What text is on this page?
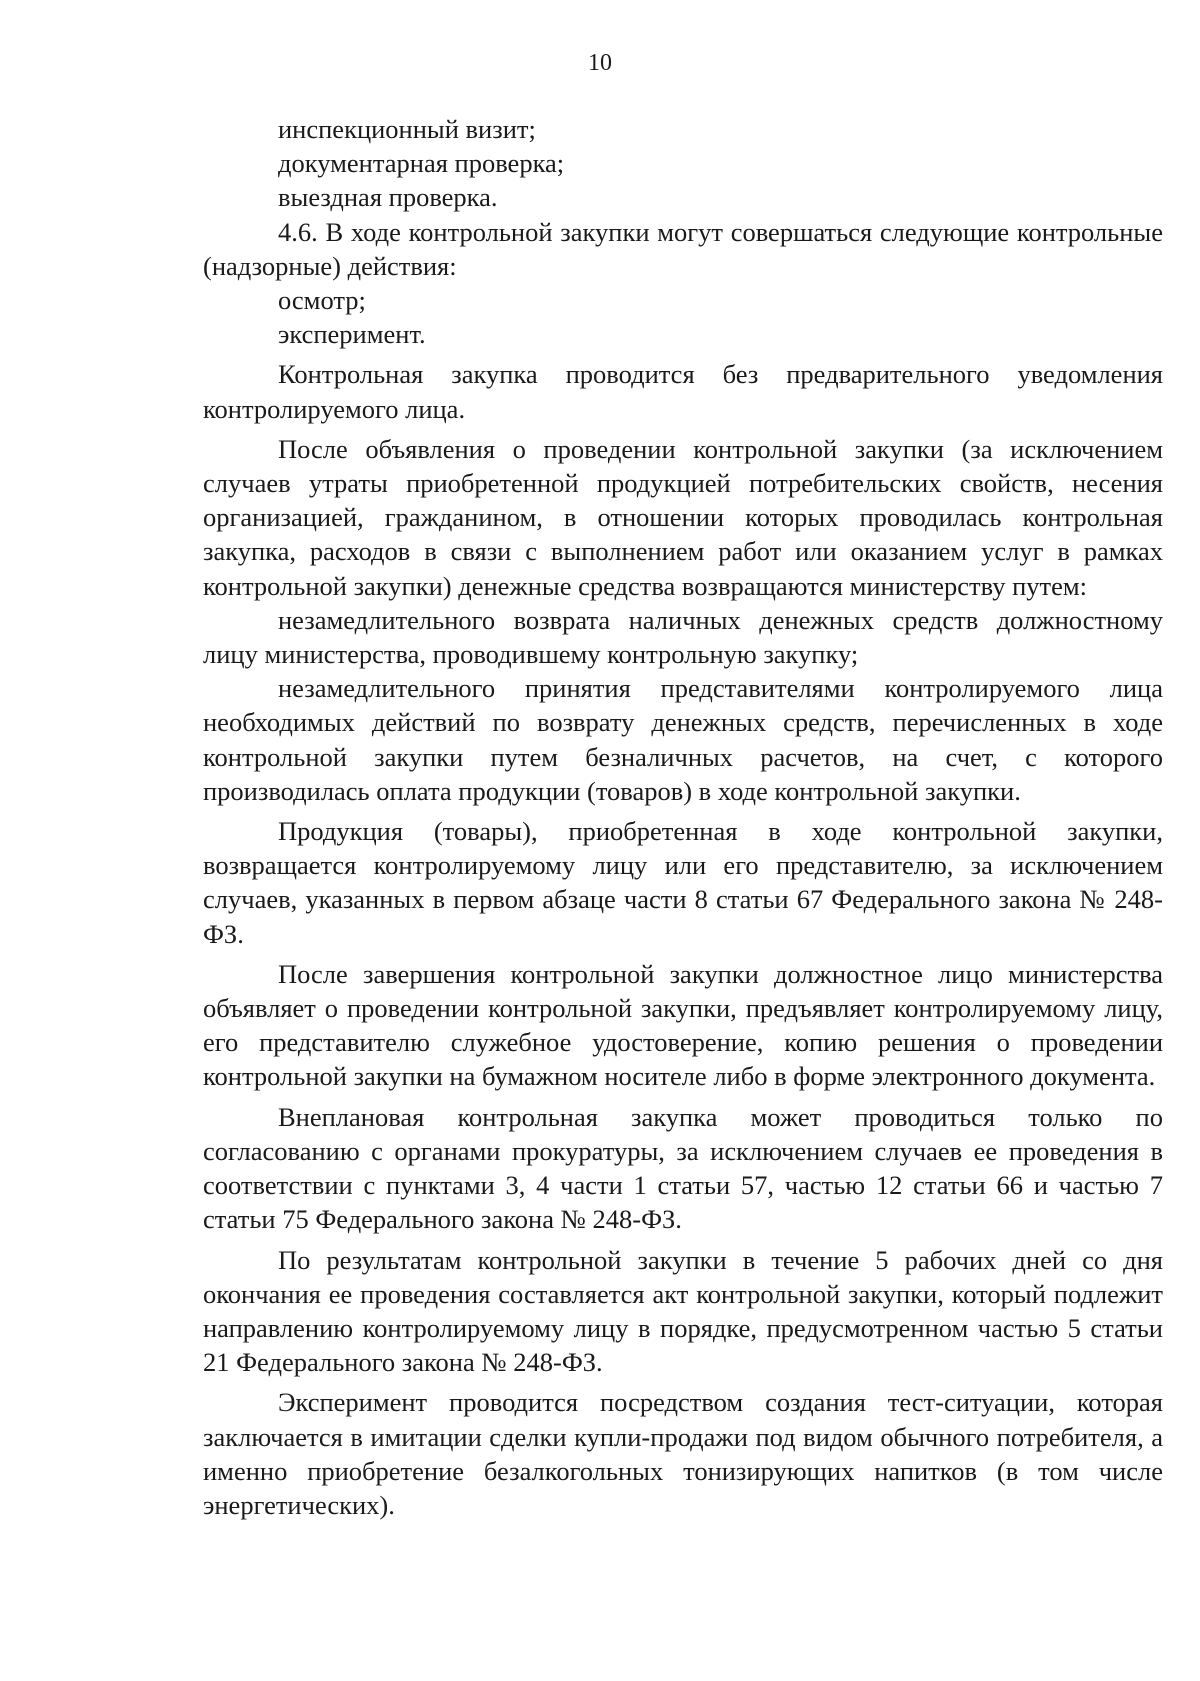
10

инспекционный визит;

документарная проверка;

выездная проверка.

4.6. В ходе контрольной закупки могут совершаться следующие контрольные (надзорные) действия:

осмотр;

эксперимент.

Контрольная закупка проводится без предварительного уведомления контролируемого лица.

После объявления о проведении контрольной закупки (за исключением случаев утраты приобретенной продукцией потребительских свойств, несения организацией, гражданином, в отношении которых проводилась контрольная закупка, расходов в связи с выполнением работ или оказанием услуг в рамках контрольной закупки) денежные средства возвращаются министерству путем:

незамедлительного возврата наличных денежных средств должностному лицу министерства, проводившему контрольную закупку;

незамедлительного принятия представителями контролируемого лица необходимых действий по возврату денежных средств, перечисленных в ходе контрольной закупки путем безналичных расчетов, на счет, с которого производилась оплата продукции (товаров) в ходе контрольной закупки.

Продукция (товары), приобретенная в ходе контрольной закупки, возвращается контролируемому лицу или его представителю, за исключением случаев, указанных в первом абзаце части 8 статьи 67 Федерального закона № 248-ФЗ.

После завершения контрольной закупки должностное лицо министерства объявляет о проведении контрольной закупки, предъявляет контролируемому лицу, его представителю служебное удостоверение, копию решения о проведении контрольной закупки на бумажном носителе либо в форме электронного документа.

Внеплановая контрольная закупка может проводиться только по согласованию с органами прокуратуры, за исключением случаев ее проведения в соответствии с пунктами 3, 4 части 1 статьи 57, частью 12 статьи 66 и частью 7 статьи 75 Федерального закона № 248-ФЗ.

По результатам контрольной закупки в течение 5 рабочих дней со дня окончания ее проведения составляется акт контрольной закупки, который подлежит направлению контролируемому лицу в порядке, предусмотренном частью 5 статьи 21 Федерального закона № 248-ФЗ.

Эксперимент проводится посредством создания тест-ситуации, которая заключается в имитации сделки купли-продажи под видом обычного потребителя, а именно приобретение безалкогольных тонизирующих напитков (в том числе энергетических).
